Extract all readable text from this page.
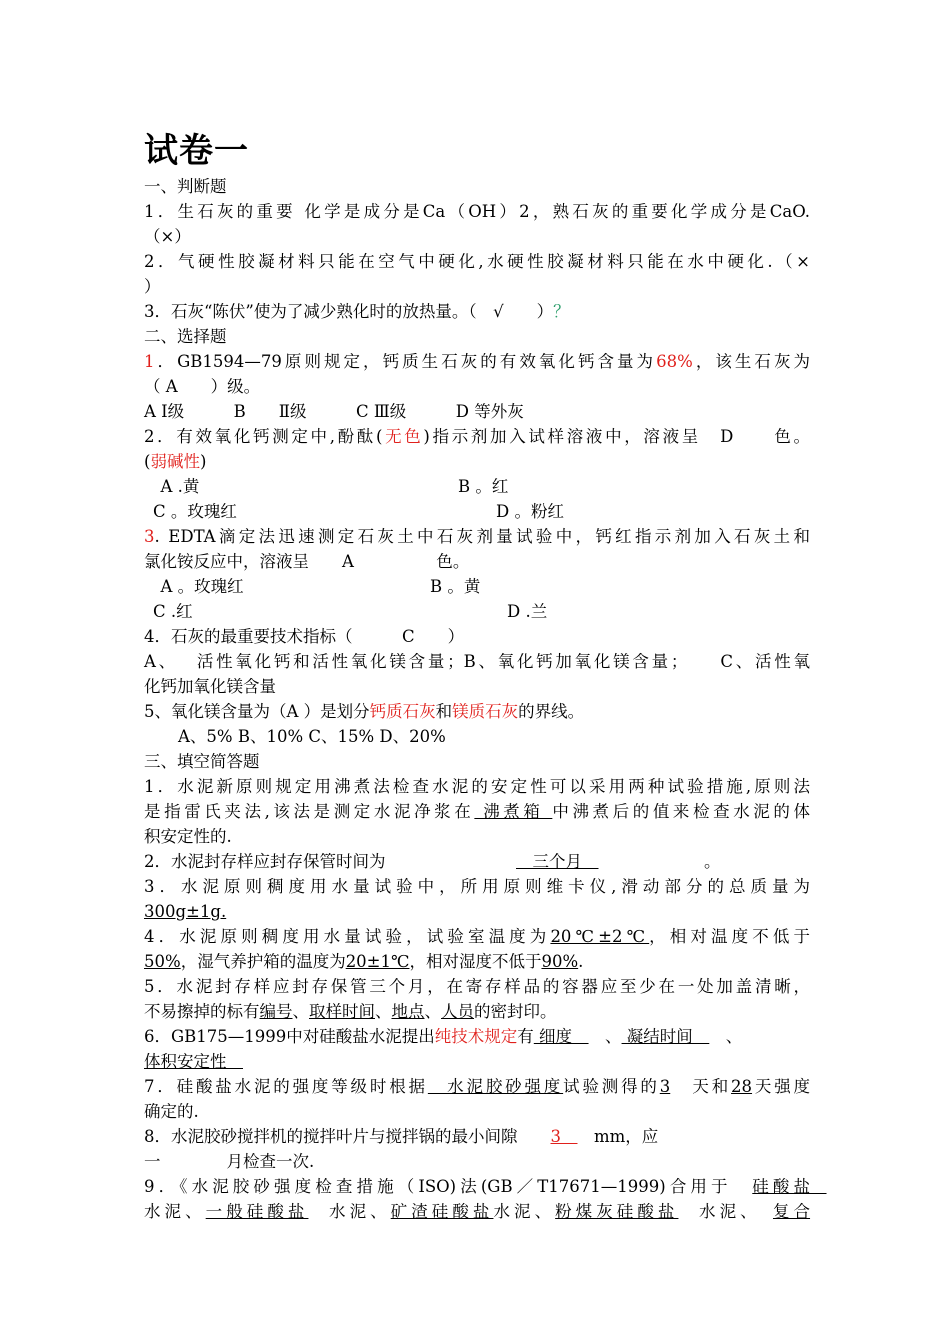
试卷一
一、判断题
1．生石灰的重要 化学是成分是Ca（OH）2，熟石灰的重要化学成分是CaO.
（×）
2．气硬性胶凝材料只能在空气中硬化,水硬性胶凝材料只能在水中硬化.（×
）
3．石灰“陈伏”使为了减少熟化时的放热量。（　√　　）？
二、选择题
1．GB1594—79原则规定，钙质生石灰的有效氧化钙含量为68%，该生石灰为
（ A　　）级。
A Ⅰ级　　　B　　Ⅱ级　　　C Ⅲ级　　　D 等外灰
2．有效氧化钙测定中,酚酞(无色)指示剂加入试样溶液中，溶液呈　D　　色。
(弱碱性)
　A .黄	B 。红
C 。玫瑰红	D 。粉红
3. EDTA滴定法迅速测定石灰土中石灰剂量试验中，钙红指示剂加入石灰土和
氯化铵反应中，溶液呈　　A　　　　　色。
　A 。玫瑰红	B 。黄
C .红	D .兰
4．石灰的最重要技术指标（　　　C　　）
A、　 活性氧化钙和活性氧化镁含量；B、氧化钙加氧化镁含量；　　C、活性氧
化钙加氧化镁含量
5、氧化镁含量为（A ）是划分钙质石灰和镁质石灰的界线。
A、5% B、10% C、15% D、20%
三、填空简答题
1．水泥新原则规定用沸煮法检查水泥的安定性可以采用两种试验措施,原则法
是指雷氏夹法,该法是测定水泥净浆在 沸煮箱 中沸煮后的值来检查水泥的体
积安定性的.
2．水泥封存样应封存保管时间为	　三个月　	。
3．水泥原则稠度用水量试验中，所用原则维卡仪,滑动部分的总质量为
300g±1g.
4．水泥原则稠度用水量试验，试验室温度为20℃±2℃，相对温度不低于
50%，湿气养护箱的温度为20±1℃，相对湿度不低于90%.
5．水泥封存样应封存保管三个月，在寄存样品的容器应至少在一处加盖清晰，
不易擦掉的标有编号、取样时间、地点、人员的密封印。
6．GB175—1999中对硅酸盐水泥提出纯技术规定有 细度　　、 凝结时间　　、
体积安定性　
7．硅酸盐水泥的强度等级时根据　水泥胶砂强度试验测得的3　天和28天强度
确定的.
8．水泥胶砂搅拌机的搅拌叶片与搅拌锅的最小间隙　　3　　mm，应
一　　　　月检查一次.
9．《水泥胶砂强度检查措施（ISO)法(GB／T17671—1999)合用于　硅酸盐　
水泥、一般硅酸盐　水泥、矿渣硅酸盐水泥、粉煤灰硅酸盐　水泥、　复合
